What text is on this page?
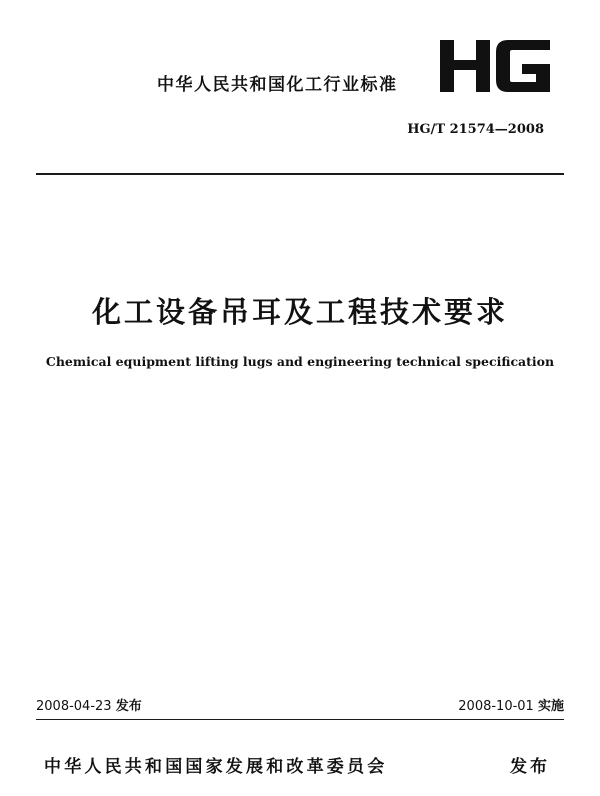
中华人民共和国化工行业标准
HG
HG/T 21574—2008
化工设备吊耳及工程技术要求
Chemical equipment lifting lugs and engineering technical specification
2008-04-23 发布	2008-10-01 实施
中华人民共和国国家发展和改革委员会	发布
